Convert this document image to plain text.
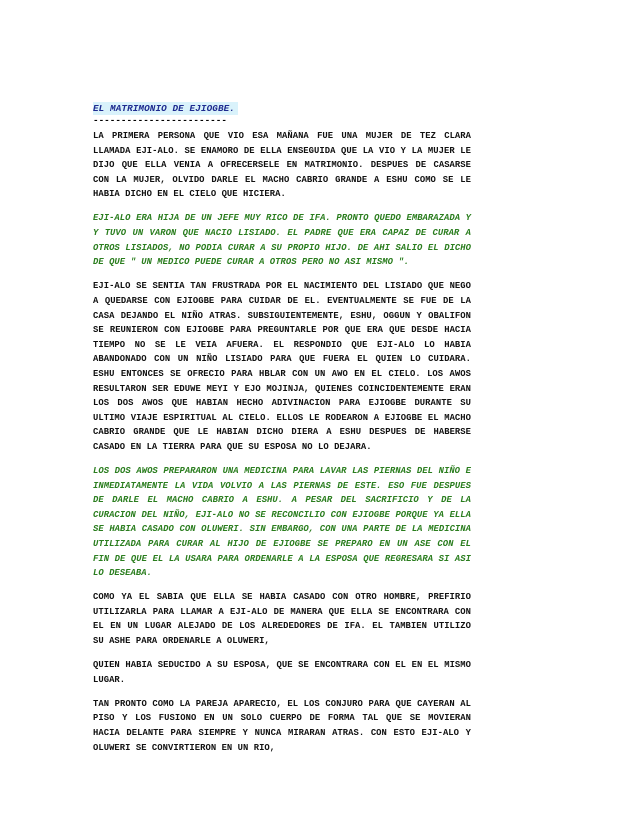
EL MATRIMONIO DE EJIOGBE.
------------------------

LA PRIMERA PERSONA QUE VIO ESA MAÑANA FUE UNA MUJER DE TEZ CLARA LLAMADA EJI-ALO. SE ENAMORO DE ELLA ENSEGUIDA QUE LA VIO Y LA MUJER LE DIJO QUE ELLA VENIA A OFRECERSELE EN MATRIMONIO. DESPUES DE CASARSE CON LA MUJER, OLVIDO DARLE EL MACHO CABRIO GRANDE A ESHU COMO SE LE HABIA DICHO EN EL CIELO QUE HICIERA.

EJI-ALO ERA HIJA DE UN JEFE MUY RICO DE IFA. PRONTO QUEDO EMBARAZADA Y Y TUVO UN VARON QUE NACIO LISIADO. EL PADRE QUE ERA CAPAZ DE CURAR A OTROS LISIADOS, NO PODIA CURAR A SU PROPIO HIJO. DE AHI SALIO EL DICHO DE QUE " UN MEDICO PUEDE CURAR A OTROS PERO NO ASI MISMO ".

EJI-ALO SE SENTIA TAN FRUSTRADA POR EL NACIMIENTO DEL LISIADO QUE NEGO A QUEDARSE CON EJIOGBE PARA CUIDAR DE EL. EVENTUALMENTE SE FUE DE LA CASA DEJANDO EL NIÑO ATRAS. SUBSIGUIENTEMENTE, ESHU, OGGUN Y OBALIFON SE REUNIERON CON EJIOGBE PARA PREGUNTARLE POR QUE ERA QUE DESDE HACIA TIEMPO NO SE LE VEIA AFUERA. EL RESPONDIO QUE EJI-ALO LO HABIA ABANDONADO CON UN NIÑO LISIADO PARA QUE FUERA EL QUIEN LO CUIDARA. ESHU ENTONCES SE OFRECIO PARA HBLAR CON UN AWO EN EL CIELO. LOS AWOS RESULTARON SER EDUWE MEYI Y EJO MOJINJA, QUIENES COINCIDENTEMENTE ERAN LOS DOS AWOS QUE HABIAN HECHO ADIVINACION PARA EJIOGBE DURANTE SU ULTIMO VIAJE ESPIRITUAL AL CIELO. ELLOS LE RODEARON A EJIOGBE EL MACHO CABRIO GRANDE QUE LE HABIAN DICHO DIERA A ESHU DESPUES DE HABERSE CASADO EN LA TIERRA PARA QUE SU ESPOSA NO LO DEJARA.

LOS DOS AWOS PREPARARON UNA MEDICINA PARA LAVAR LAS PIERNAS DEL NIÑO E INMEDIATAMENTE LA VIDA VOLVIO A LAS PIERNAS DE ESTE. ESO FUE DESPUES DE DARLE EL MACHO CABRIO A ESHU. A PESAR DEL SACRIFICIO Y DE LA CURACION DEL NIÑO, EJI-ALO NO SE RECONCILIO CON EJIOGBE PORQUE YA ELLA SE HABIA CASADO CON OLUWERI. SIN EMBARGO, CON UNA PARTE DE LA MEDICINA UTILIZADA PARA CURAR AL HIJO DE EJIOGBE SE PREPARO EN UN ASE CON EL FIN DE QUE EL LA USARA PARA ORDENARLE A LA ESPOSA QUE REGRESARA SI ASI LO DESEABA.

COMO YA EL SABIA QUE ELLA SE HABIA CASADO CON OTRO HOMBRE, PREFIRIO UTILIZARLA PARA LLAMAR A EJI-ALO DE MANERA QUE ELLA SE ENCONTRARA CON EL EN UN LUGAR ALEJADO DE LOS ALREDEDORES DE IFA. EL TAMBIEN UTILIZO SU ASHE PARA ORDENARLE A OLUWERI,

QUIEN HABIA SEDUCIDO A SU ESPOSA, QUE SE ENCONTRARA CON EL EN EL MISMO LUGAR.

TAN PRONTO COMO LA PAREJA APARECIO, EL LOS CONJURO PARA QUE CAYERAN AL PISO Y LOS FUSIONO EN UN SOLO CUERPO DE FORMA TAL QUE SE MOVIERAN HACIA DELANTE PARA SIEMPRE Y NUNCA MIRARAN ATRAS. CON ESTO EJI-ALO Y OLUWERI SE CONVIRTIERON EN UN RIO,
